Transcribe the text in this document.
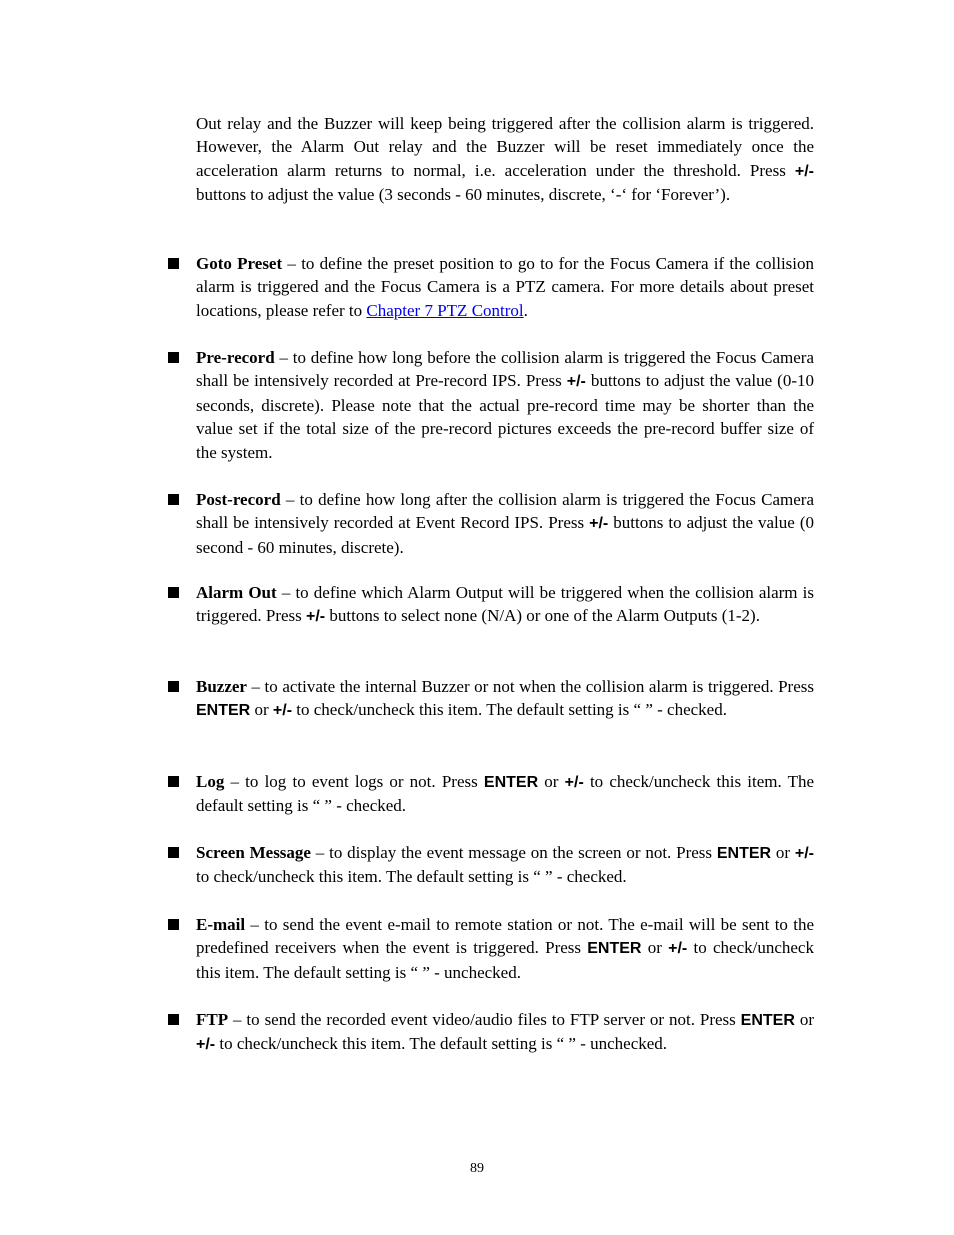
Out relay and the Buzzer will keep being triggered after the collision alarm is triggered. However, the Alarm Out relay and the Buzzer will be reset immediately once the acceleration alarm returns to normal, i.e. acceleration under the threshold. Press +/- buttons to adjust the value (3 seconds - 60 minutes, discrete, ‘-‘ for ‘Forever’).
Goto Preset – to define the preset position to go to for the Focus Camera if the collision alarm is triggered and the Focus Camera is a PTZ camera. For more details about preset locations, please refer to Chapter 7 PTZ Control.
Pre-record – to define how long before the collision alarm is triggered the Focus Camera shall be intensively recorded at Pre-record IPS. Press +/- buttons to adjust the value (0-10 seconds, discrete). Please note that the actual pre-record time may be shorter than the value set if the total size of the pre-record pictures exceeds the pre-record buffer size of the system.
Post-record – to define how long after the collision alarm is triggered the Focus Camera shall be intensively recorded at Event Record IPS. Press +/- buttons to adjust the value (0 second - 60 minutes, discrete).
Alarm Out – to define which Alarm Output will be triggered when the collision alarm is triggered. Press +/- buttons to select none (N/A) or one of the Alarm Outputs (1-2).
Buzzer – to activate the internal Buzzer or not when the collision alarm is triggered. Press ENTER or +/- to check/uncheck this item. The default setting is “ ” - checked.
Log – to log to event logs or not. Press ENTER or +/- to check/uncheck this item. The default setting is “ ” - checked.
Screen Message – to display the event message on the screen or not. Press ENTER or +/- to check/uncheck this item. The default setting is “ ” - checked.
E-mail – to send the event e-mail to remote station or not. The e-mail will be sent to the predefined receivers when the event is triggered. Press ENTER or +/- to check/uncheck this item. The default setting is “ ” - unchecked.
FTP – to send the recorded event video/audio files to FTP server or not. Press ENTER or +/- to check/uncheck this item. The default setting is “ ” - unchecked.
89
